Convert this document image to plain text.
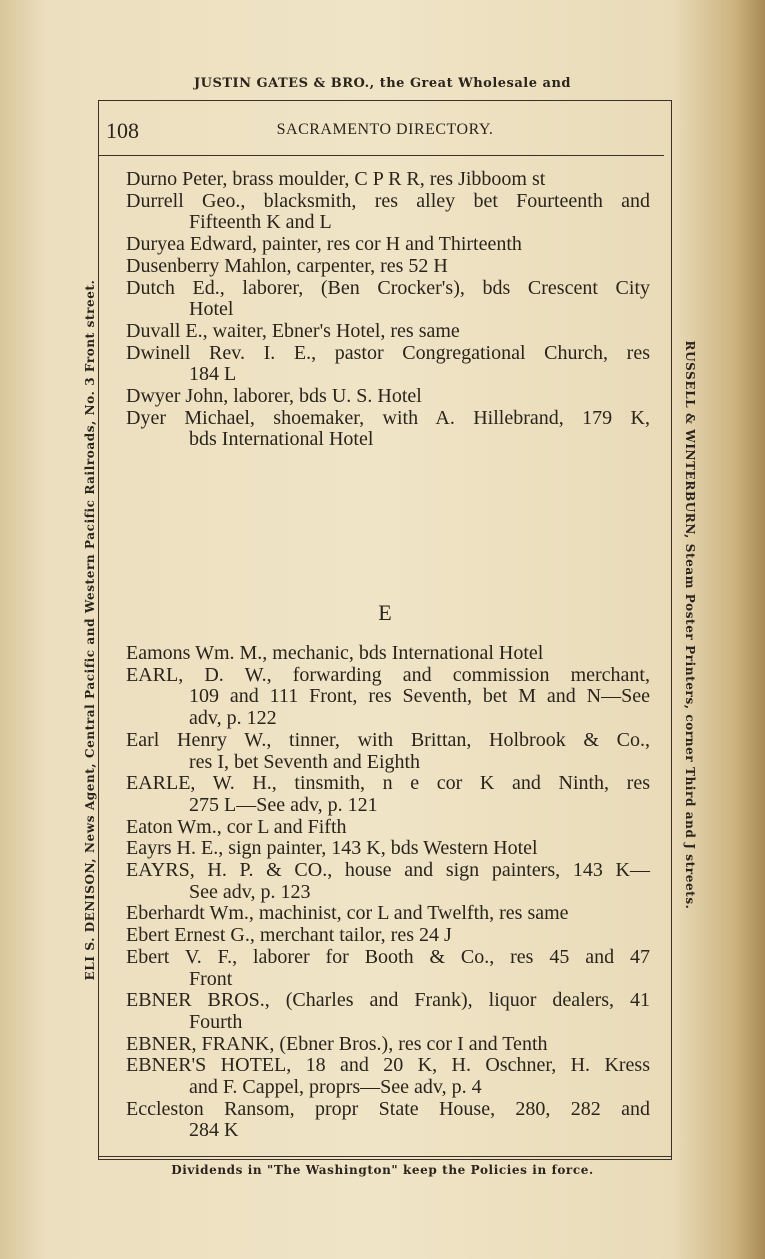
JUSTIN GATES & BRO., the Great Wholesale and
ELI S. DENISON, News Agent, Central Pacific and Western Pacific Railroads, No. 3 Front street.	RUSSELL & WINTERBURN, Steam Poster Printers, corner Third and J streets.
108	SACRAMENTO DIRECTORY.
Durno Peter, brass moulder, C P R R, res Jibboom st
Durrell Geo., blacksmith, res alley bet Fourteenth and
Fifteenth K and L
Duryea Edward, painter, res cor H and Thirteenth
Dusenberry Mahlon, carpenter, res 52 H
Dutch Ed., laborer, (Ben Crocker's), bds Crescent City
Hotel
Duvall E., waiter, Ebner's Hotel, res same
Dwinell Rev. I. E., pastor Congregational Church, res
184 L
Dwyer John, laborer, bds U. S. Hotel
Dyer Michael, shoemaker, with A. Hillebrand, 179 K,
bds International Hotel
E
Eamons Wm. M., mechanic, bds International Hotel
EARL, D. W., forwarding and commission merchant,
109 and 111 Front, res Seventh, bet M and N—See
adv, p. 122
Earl Henry W., tinner, with Brittan, Holbrook & Co.,
res I, bet Seventh and Eighth
EARLE, W. H., tinsmith, n e cor K and Ninth, res
275 L—See adv, p. 121
Eaton Wm., cor L and Fifth
Eayrs H. E., sign painter, 143 K, bds Western Hotel
EAYRS, H. P. & CO., house and sign painters, 143 K—
See adv, p. 123
Eberhardt Wm., machinist, cor L and Twelfth, res same
Ebert Ernest G., merchant tailor, res 24 J
Ebert V. F., laborer for Booth & Co., res 45 and 47
Front
EBNER BROS., (Charles and Frank), liquor dealers, 41
Fourth
EBNER, FRANK, (Ebner Bros.), res cor I and Tenth
EBNER'S HOTEL, 18 and 20 K, H. Oschner, H. Kress
and F. Cappel, proprs—See adv, p. 4
Eccleston Ransom, propr State House, 280, 282 and
284 K
Dividends in "The Washington" keep the Policies in force.
